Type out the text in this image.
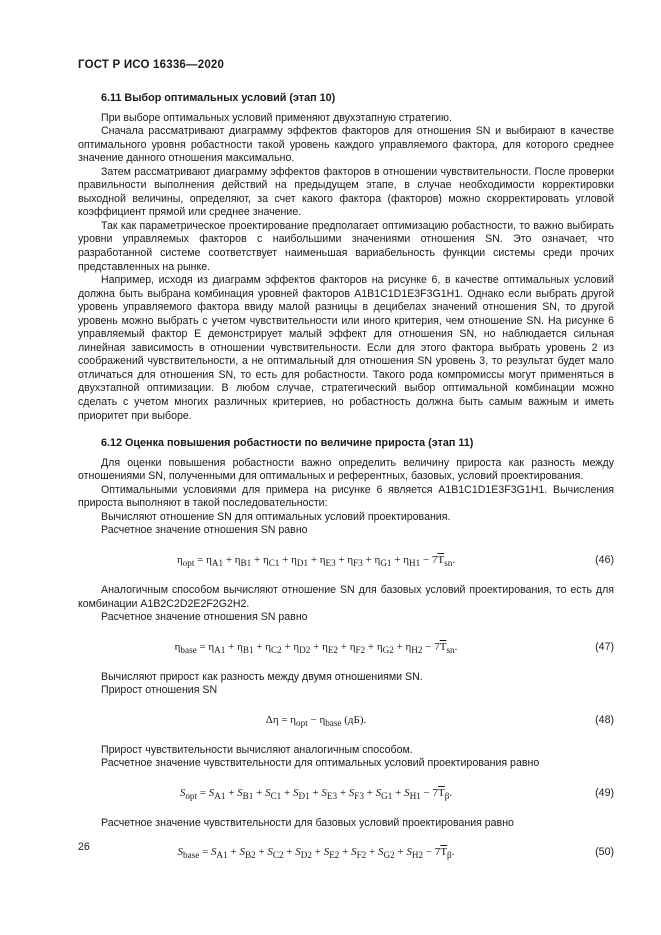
ГОСТ Р ИСО 16336—2020
6.11 Выбор оптимальных условий (этап 10)

При выборе оптимальных условий применяют двухэтапную стратегию.

Сначала рассматривают диаграмму эффектов факторов для отношения SN и выбирают в качестве оптимального уровня робастности такой уровень каждого управляемого фактора, для которого среднее значение данного отношения максимально.

Затем рассматривают диаграмму эффектов факторов в отношении чувствительности. После проверки правильности выполнения действий на предыдущем этапе, в случае необходимости корректировки выходной величины, определяют, за счет какого фактора (факторов) можно скорректировать угловой коэффициент прямой или среднее значение.

Так как параметрическое проектирование предполагает оптимизацию робастности, то важно выбирать уровни управляемых факторов с наибольшими значениями отношения SN. Это означает, что разработанной системе соответствует наименьшая вариабельность функции системы среди прочих представленных на рынке.

Например, исходя из диаграмм эффектов факторов на рисунке 6, в качестве оптимальных условий должна быть выбрана комбинация уровней факторов A1B1C1D1E3F3G1H1. Однако если выбрать другой уровень управляемого фактора ввиду малой разницы в децибелах значений отношения SN, то другой уровень можно выбрать с учетом чувствительности или иного критерия, чем отношение SN. На рисунке 6 управляемый фактор E демонстрирует малый эффект для отношения SN, но наблюдается сильная линейная зависимость в отношении чувствительности. Если для этого фактора выбрать уровень 2 из соображений чувствительности, а не оптимальный для отношения SN уровень 3, то результат будет мало отличаться для отношения SN, то есть для робастности. Такого рода компромиссы могут применяться в двухэтапной оптимизации. В любом случае, стратегический выбор оптимальной комбинации можно сделать с учетом многих различных критериев, но робастность должна быть самым важным и иметь приоритет при выборе.

6.12 Оценка повышения робастности по величине прироста (этап 11)

Для оценки повышения робастности важно определить величину прироста как разность между отношениями SN, полученными для оптимальных и референтных, базовых, условий проектирования.

Оптимальными условиями для примера на рисунке 6 является A1B1C1D1E3F3G1H1. Вычисления прироста выполняют в такой последовательности:

Вычисляют отношение SN для оптимальных условий проектирования.

Расчетное значение отношения SN равно

$\eta_{opt} = \eta_{A1} + \eta_{B1} + \eta_{C1} + \eta_{D1} + \eta_{E3} + \eta_{F3} + \eta_{G1} + \eta_{H1} - 7\overline{T}_{sn}$.	(46)

Аналогичным способом вычисляют отношение SN для базовых условий проектирования, то есть для комбинации A1B2C2D2E2F2G2H2.

Расчетное значение отношения SN равно

$\eta_{base} = \eta_{A1} + \eta_{B1} + \eta_{C2} + \eta_{D2} + \eta_{E2} + \eta_{F2} + \eta_{G2} + \eta_{H2} - 7\overline{T}_{sn}$.	(47)

Вычисляют прирост как разность между двумя отношениями SN.

Прирост отношения SN

$\Delta\eta = \eta_{opt} - \eta_{base}$ (дБ).	(48)

Прирост чувствительности вычисляют аналогичным способом.

Расчетное значение чувствительности для оптимальных условий проектирования равно

$S_{opt} = S_{A1} + S_{B1} + S_{C1} + S_{D1} + S_{E3} + S_{F3} + S_{G1} + S_{H1} - 7\overline{T}_\beta$.	(49)

Расчетное значение чувствительности для базовых условий проектирования равно

$S_{base} = S_{A1} + S_{B2} + S_{C2} + S_{D2} + S_{E2} + S_{F2} + S_{G2} + S_{H2} - 7\overline{T}_\beta$.	(50)
26
